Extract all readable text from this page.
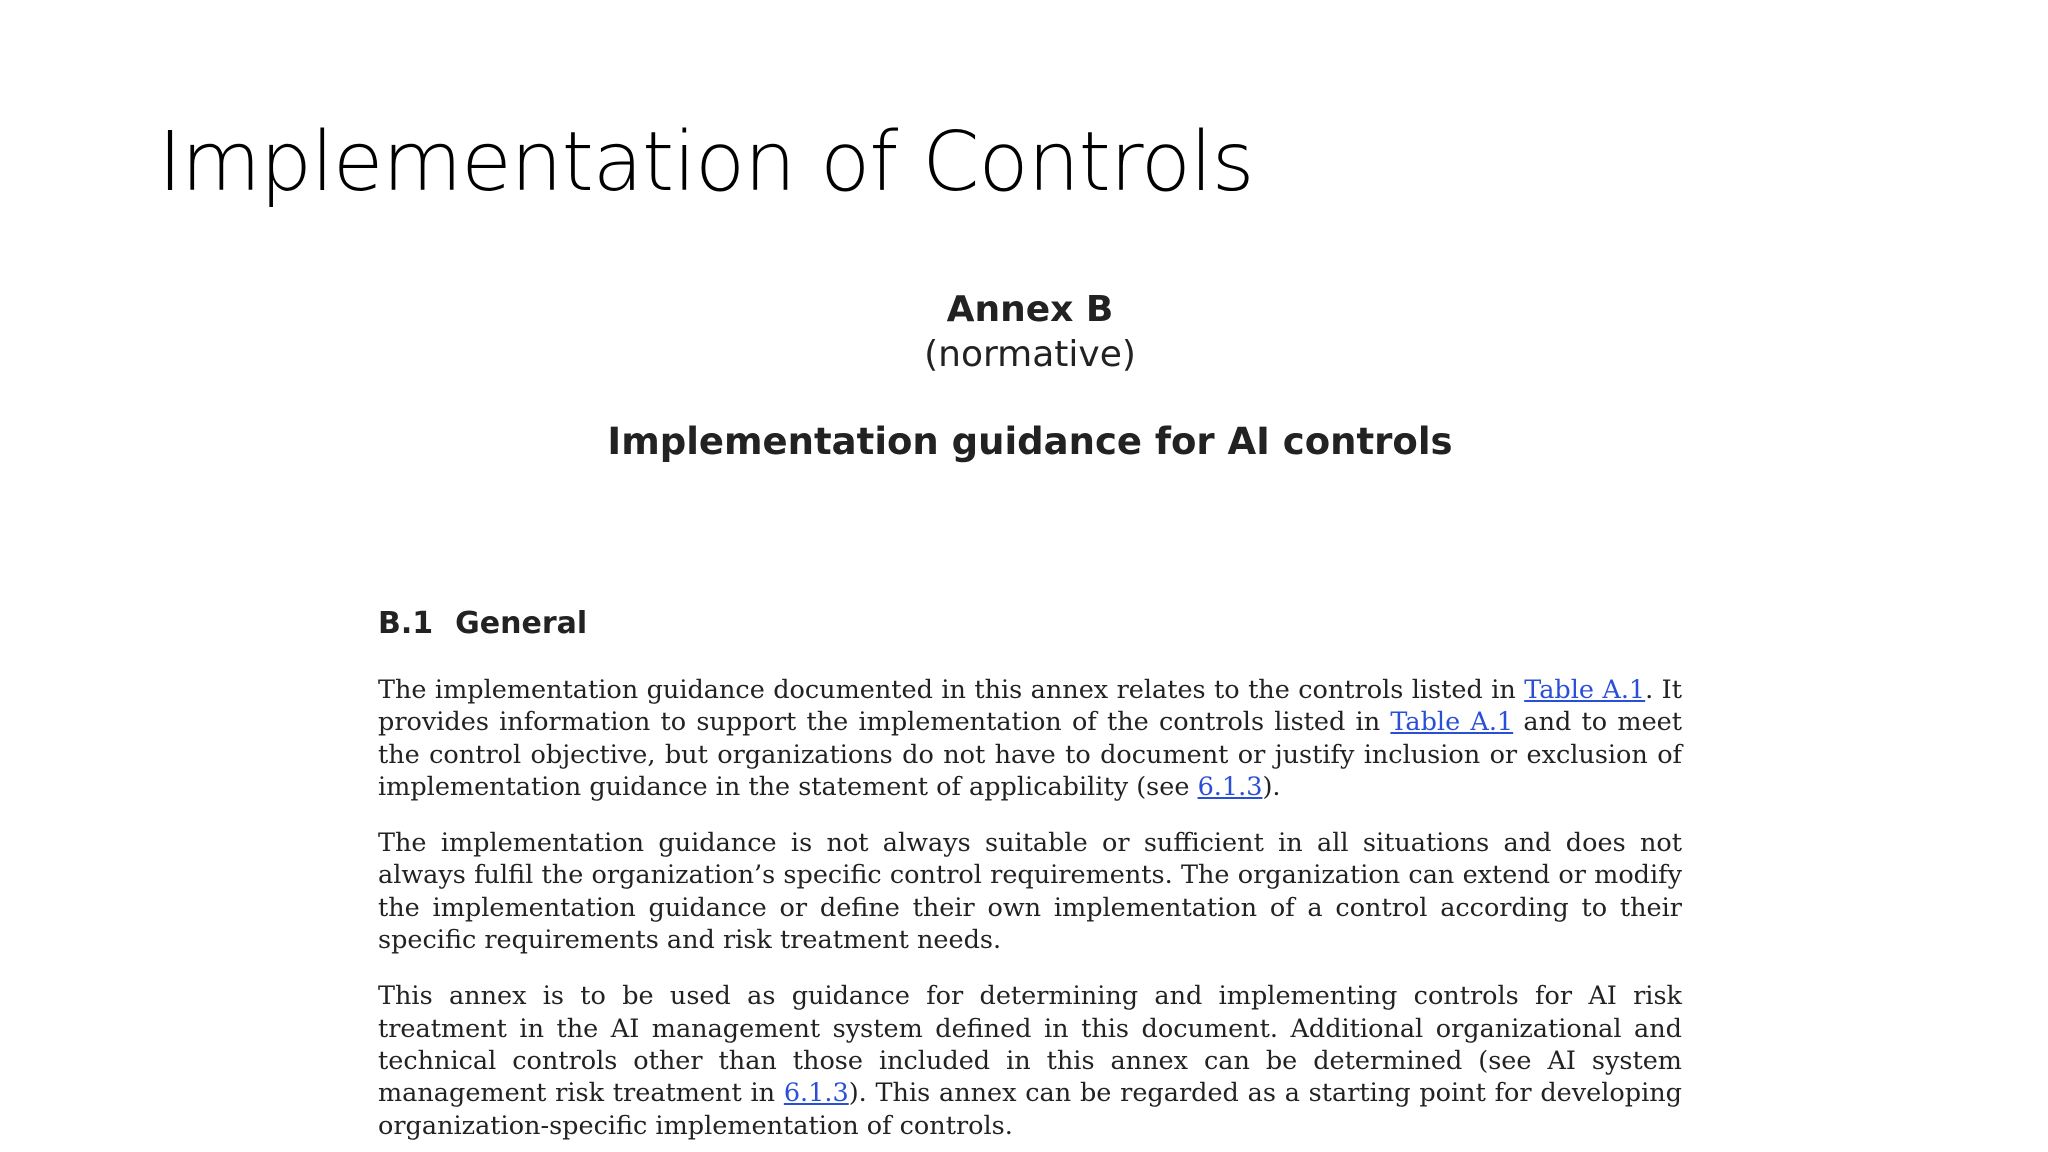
Implementation of Controls
Annex B
(normative)
Implementation guidance for AI controls
B.1 General

The implementation guidance documented in this annex relates to the controls listed in Table A.1. It provides information to support the implementation of the controls listed in Table A.1 and to meet the control objective, but organizations do not have to document or justify inclusion or exclusion of implementation guidance in the statement of applicability (see 6.1.3).

The implementation guidance is not always suitable or sufficient in all situations and does not always fulfil the organization’s specific control requirements. The organization can extend or modify the implementation guidance or define their own implementation of a control according to their specific requirements and risk treatment needs.

This annex is to be used as guidance for determining and implementing controls for AI risk treatment in the AI management system defined in this document. Additional organizational and technical controls other than those included in this annex can be determined (see AI system management risk treatment in 6.1.3). This annex can be regarded as a starting point for developing organization-specific implementation of controls.
